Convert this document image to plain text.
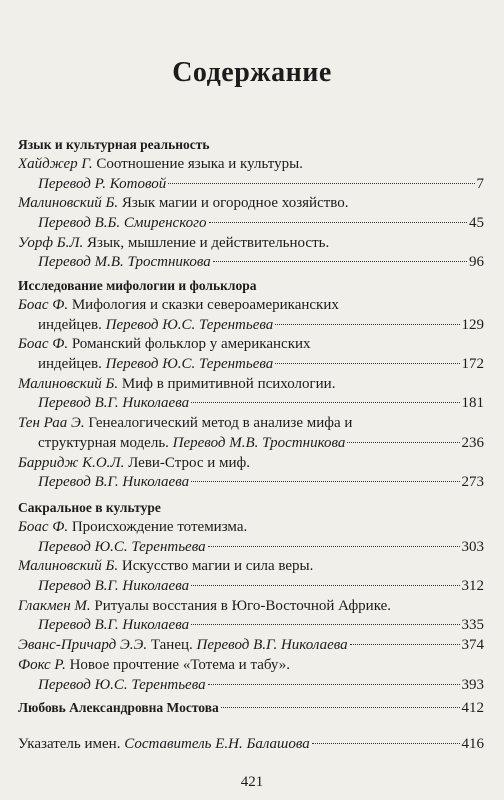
Содержание
Язык и культурная реальность
Хайджер Г. Соотношение языка и культуры.
Перевод Р. Котовой	7
Малиновский Б. Язык магии и огородное хозяйство.
Перевод В.Б. Смиренского	45
Уорф Б.Л. Язык, мышление и действительность.
Перевод М.В. Тростникова	96
Исследование мифологии и фольклора
Боас Ф. Мифология и сказки североамериканских
индейцев. Перевод Ю.С. Терентьева	129
Боас Ф. Романский фольклор у американских
индейцев. Перевод Ю.С. Терентьева	172
Малиновский Б. Миф в примитивной психологии.
Перевод В.Г. Николаева	181
Тен Раа Э. Генеалогический метод в анализе мифа и
структурная модель. Перевод М.В. Тростникова	236
Барридж К.О.Л. Леви-Строс и миф.
Перевод В.Г. Николаева	273
Сакральное в культуре
Боас Ф. Происхождение тотемизма.
Перевод Ю.С. Терентьева	303
Малиновский Б. Искусство магии и сила веры.
Перевод В.Г. Николаева	312
Глакмен М. Ритуалы восстания в Юго-Восточной Африке.
Перевод В.Г. Николаева	335
Эванс-Причард Э.Э. Танец. Перевод В.Г. Николаева	374
Фокс Р. Новое прочтение «Тотема и табу».
Перевод Ю.С. Терентьева	393
Любовь Александровна Мостова	412
Указатель имен. Составитель Е.Н. Балашова	416
421
